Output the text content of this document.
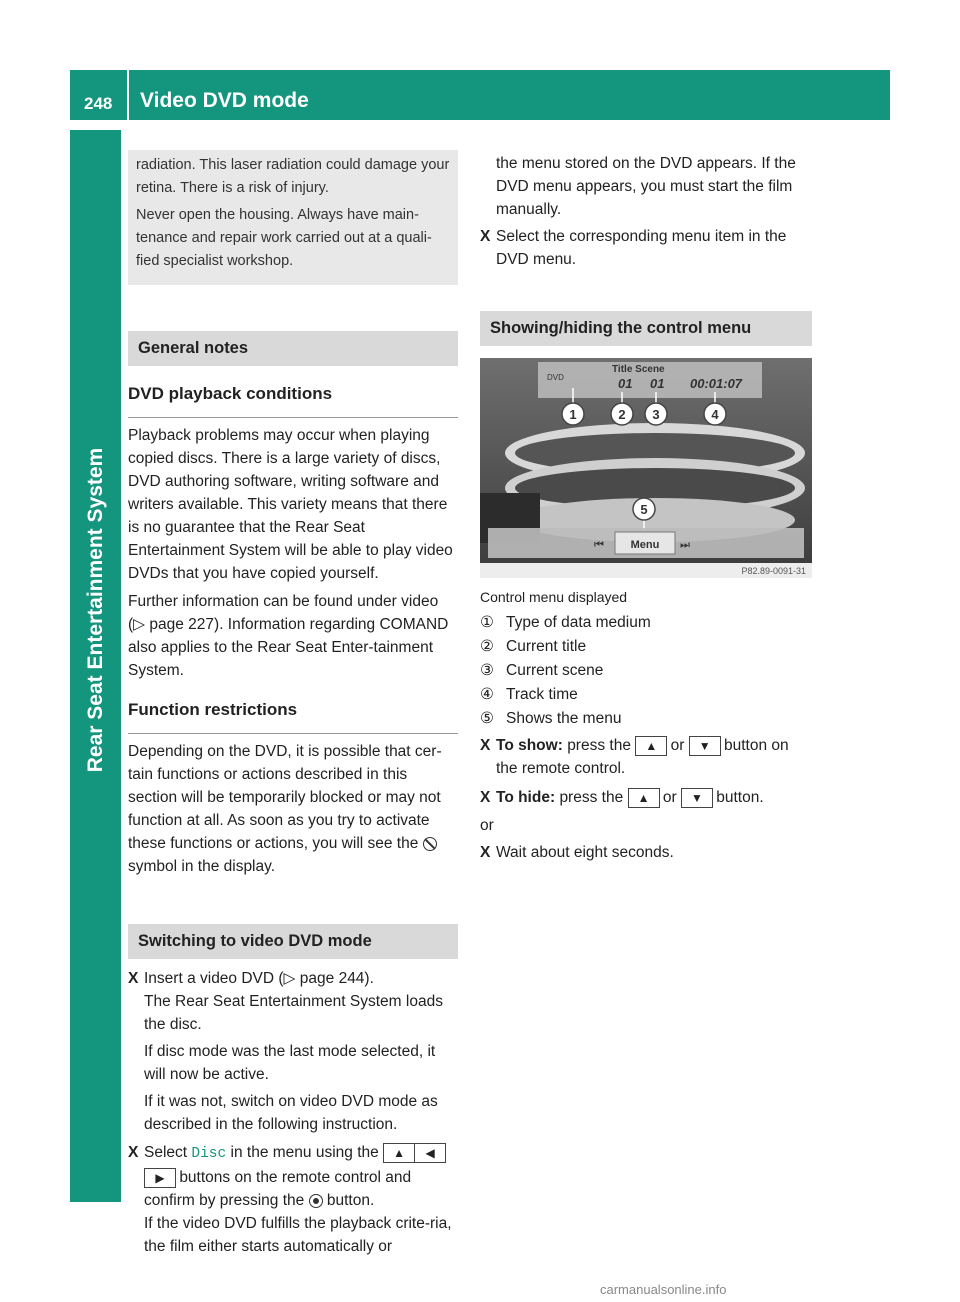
248 Video DVD mode
Rear Seat Entertainment System

radiation. This laser radiation could damage your retina. There is a risk of injury.

Never open the housing. Always have main-tenance and repair work carried out at a quali-fied specialist workshop.

General notes
DVD playback conditions

Playback problems may occur when playing copied discs. There is a large variety of discs, DVD authoring software, writing software and writers available. This variety means that there is no guarantee that the Rear Seat Entertainment System will be able to play video DVDs that you have copied yourself.

Further information can be found under video (▷ page 227). Information regarding COMAND also applies to the Rear Seat Enter-tainment System.

Function restrictions

Depending on the DVD, it is possible that cer-tain functions or actions described in this section will be temporarily blocked or may not function at all. As soon as you try to activate these functions or actions, you will see the  symbol in the display.

Switching to video DVD mode
X Insert a video DVD (▷ page 244).
The Rear Seat Entertainment System loads the disc.
If disc mode was the last mode selected, it will now be active.
If it was not, switch on video DVD mode as described in the following instruction.
X Select Disc in the menu using the ▲ ◀▶ buttons on the remote control and confirm by pressing the button.
If the video DVD fulfills the playback crite-ria, the film either starts automatically or
the menu stored on the DVD appears. If the DVD menu appears, you must start the film manually.
X Select the corresponding menu item in the DVD menu.
Showing/hiding the control menu
DVD
Title Scene
01 01 00:01:07
1	2 3	4
5
⏮ Menu ⏭
P82.89-0091-31
Control menu displayed
① Type of data medium
② Current title
③ Current scene
④ Track time
⑤ Shows the menu
X To show: press the ▲ or ▼ button on the remote control.
X To hide: press the ▲ or ▼ button.
or
X Wait about eight seconds.
carmanualsonline.info
